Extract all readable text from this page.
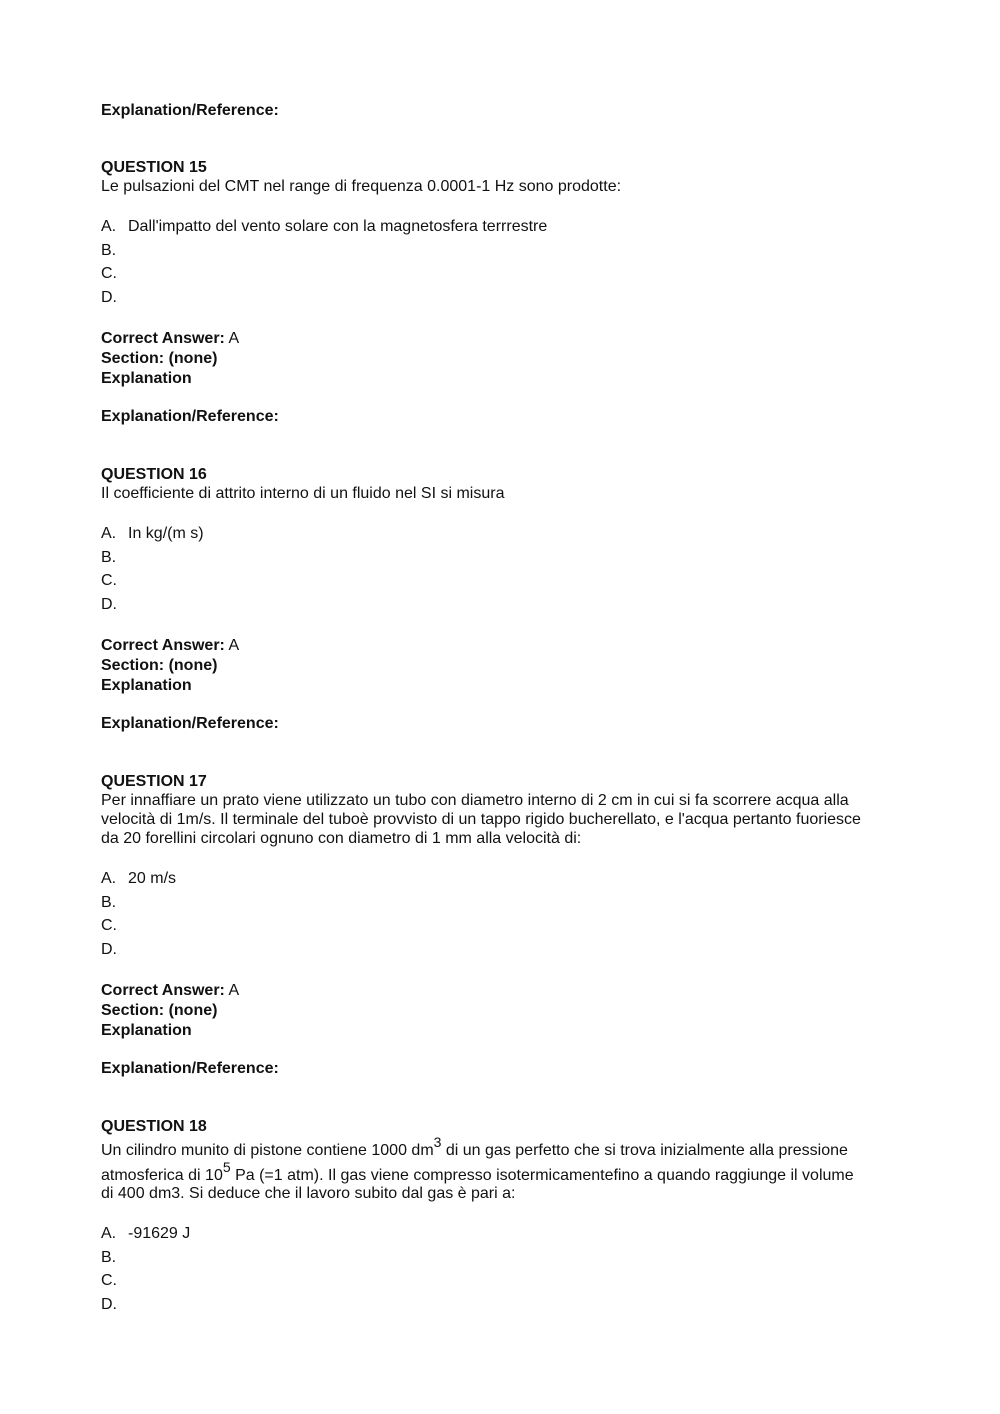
Explanation/Reference:
QUESTION 15
Le pulsazioni del CMT nel range di frequenza 0.0001-1 Hz sono prodotte:
A. Dall'impatto del vento solare con la magnetosfera terrrestre
B.
C.
D.
Correct Answer: A
Section: (none)
Explanation
Explanation/Reference:
QUESTION 16
Il coefficiente di attrito interno di un fluido nel SI si misura
A. In kg/(m s)
B.
C.
D.
Correct Answer: A
Section: (none)
Explanation
Explanation/Reference:
QUESTION 17
Per innaffiare un prato viene utilizzato un tubo con diametro interno di 2 cm in cui si fa scorrere acqua alla
velocità di 1m/s. Il terminale del tuboè provvisto di un tappo rigido bucherellato, e l'acqua pertanto fuoriesce
da 20 forellini circolari ognuno con diametro di 1 mm alla velocità di:
A. 20 m/s
B.
C.
D.
Correct Answer: A
Section: (none)
Explanation
Explanation/Reference:
QUESTION 18
Un cilindro munito di pistone contiene 1000 $dm^3$ di un gas perfetto che si trova inizialmente alla pressione
atmosferica di $10^5$ Pa (=1 atm). Il gas viene compresso isotermicamentefino a quando raggiunge il volume
di 400 dm3. Si deduce che il lavoro subito dal gas è pari a:
A. -91629 J
B.
C.
D.
